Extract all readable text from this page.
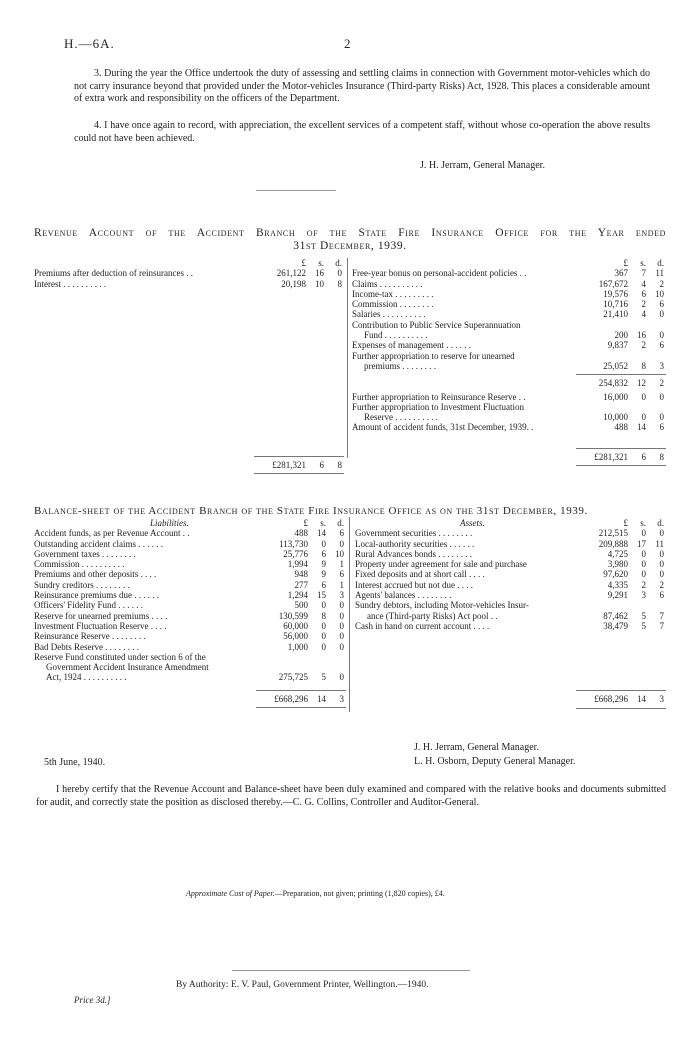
H.—6A.	2
3. During the year the Office undertook the duty of assessing and settling claims in connection with Government motor-vehicles which do not carry insurance beyond that provided under the Motor-vehicles Insurance (Third-party Risks) Act, 1928. This places a considerable amount of extra work and responsibility on the officers of the Department.
4. I have once again to record, with appreciation, the excellent services of a competent staff, without whose co-operation the above results could not have been achieved.
J. H. Jerram, General Manager.
Revenue Account of the Accident Branch of the State Fire Insurance Office for the Year ended
31st December, 1939.
£ s. d.
Premiums after deduction of reinsurances . .	261,122 16 0
Interest . . . . . . . . . .	20,198 10 8
£281,321 6 8
£ s. d.
Free-year bonus on personal-accident policies . .	367 7 11
Claims . . . . . . . . . .	167,672 4 2
Income-tax . . . . . . . . .	19,576 6 10
Commission . . . . . . . .	10,716 2 6
Salaries . . . . . . . . . .	21,410 4 0
Contribution to Public Service Superannuation
Fund . . . . . . . . . .	200 16 0
Expenses of management . . . . . .	9,837 2 6
Further appropriation to reserve for unearned
premiums . . . . . . . .	25,052 8 3
254,832 12 2
Further appropriation to Reinsurance Reserve . .	16,000 0 0
Further appropriation to Investment Fluctuation
Reserve . . . . . . . . . .	10,000 0 0
Amount of accident funds, 31st December, 1939. .	488 14 6
£281,321 6 8
Balance-sheet of the Accident Branch of the State Fire Insurance Office as on the 31st December, 1939.
Liabilities.	Assets.
£ s. d.
Accident funds, as per Revenue Account . .	488 14 6
Outstanding accident claims . . . . . .	113,730 0 0
Government taxes . . . . . . . .	25,776 6 10
Commission . . . . . . . . . .	1,994 9 1
Premiums and other deposits . . . .	948 9 6
Sundry creditors . . . . . . . .	277 6 1
Reinsurance premiums due . . . . . .	1,294 15 3
Officers' Fidelity Fund . . . . . .	500 0 0
Reserve for unearned premiums . . . .	130,599 8 0
Investment Fluctuation Reserve . . . .	60,000 0 0
Reinsurance Reserve . . . . . . . .	56,000 0 0
Bad Debts Reserve . . . . . . . .	1,000 0 0
Reserve Fund constituted under section 6 of the
Government Accident Insurance Amendment
Act, 1924 . . . . . . . . . .	275,725 5 0
£668,296 14 3
£ s. d.
Government securities . . . . . . . .	212,515 0 0
Local-authority securities . . . . . .	209,888 17 11
Rural Advances bonds . . . . . . . .	4,725 0 0
Property under agreement for sale and purchase	3,980 0 0
Fixed deposits and at short call . . . .	97,620 0 0
Interest accrued but not due . . . .	4,335 2 2
Agents' balances . . . . . . . .	9,291 3 6
Sundry debtors, including Motor-vehicles Insur-
ance (Third-party Risks) Act pool . .	87,462 5 7
Cash in hand on current account . . . .	38,479 5 7
£668,296 14 3
5th June, 1940.
J. H. Jerram, General Manager.
L. H. Osborn, Deputy General Manager.
I hereby certify that the Revenue Account and Balance-sheet have been duly examined and compared with the relative books and documents submitted for audit, and correctly state the position as disclosed thereby.—C. G. Collins, Controller and Auditor-General.
Approximate Cost of Paper.—Preparation, not given; printing (1,820 copies), £4.
By Authority: E. V. Paul, Government Printer, Wellington.—1940.
Price 3d.]
